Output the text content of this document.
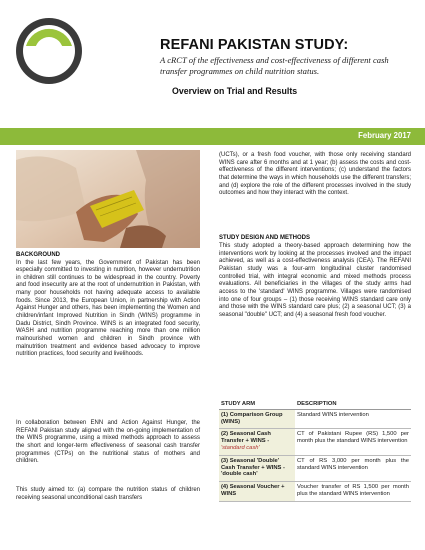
REFANI PAKISTAN STUDY:
A cRCT of the effectiveness and cost-effectiveness of different cash transfer programmes on child nutrition status.
Overview on Trial and Results
February 2017
BACKGROUND

In the last few years, the Government of Pakistan has been especially committed to investing in nutrition, however undernutrition in children still continues to be widespread in the country. Poverty and food insecurity are at the root of undernutrition in Pakistan, with many poor households not having adequate access to available foods. Since 2013, the European Union, in partnership with Action Against Hunger and others, has been implementing the Women and children/infant Improved Nutrition in Sindh (WINS) programme in Dadu District, Sindh Province. WINS is an integrated food security, WASH and nutrition programme reaching more than one million malnourished women and children in Sindh province with malnutrition treatment and evidence based advocacy to improve nutrition practices, food security and livelihoods.

In collaboration between ENN and Action Against Hunger, the REFANI Pakistan study aligned with the on-going implementation of the WINS programme, using a mixed methods approach to assess the short and longer-term effectiveness of seasonal cash transfer programmes (CTPs) on the nutritional status of mothers and children.

This study aimed to: (a) compare the nutrition status of children receiving seasonal unconditional cash transfers

(UCTs), or a fresh food voucher, with those only receiving standard WINS care after 6 months and at 1 year; (b) assess the costs and cost-effectiveness of the different interventions; (c) understand the factors that determine the ways in which households use the different transfers; and (d) explore the role of the different processes involved in the study outcomes and how they interact with the context.

STUDY DESIGN AND METHODS

This study adopted a theory-based approach determining how the interventions work by looking at the processes involved and the impact achieved, as well as a cost-effectiveness analysis (CEA). The REFANI Pakistan study was a four-arm longitudinal cluster randomised controlled trial, with integral economic and mixed methods process evaluations. All beneficiaries in the villages of the study arms had access to the 'standard' WINS programme. Villages were randomised into one of four groups – (1) those receiving WINS standard care only and those with the WINS standard care plus; (2) a seasonal UCT; (3) a seasonal "double" UCT; and (4) a seasonal fresh food voucher.

STUDY ARM	DESCRIPTION
(1) Comparison Group (WINS)	Standard WINS intervention
(2) Seasonal Cash Transfer + WINS - 'standard cash'	CT of Pakistani Rupee (RS) 1,500 per month plus the standard WINS intervention
(3) Seasonal 'Double' Cash Transfer + WINS - 'double cash'	CT of RS 3,000 per month plus the standard WINS intervention
(4) Seasonal Voucher + WINS	Voucher transfer of RS 1,500 per month plus the standard WINS intervention
